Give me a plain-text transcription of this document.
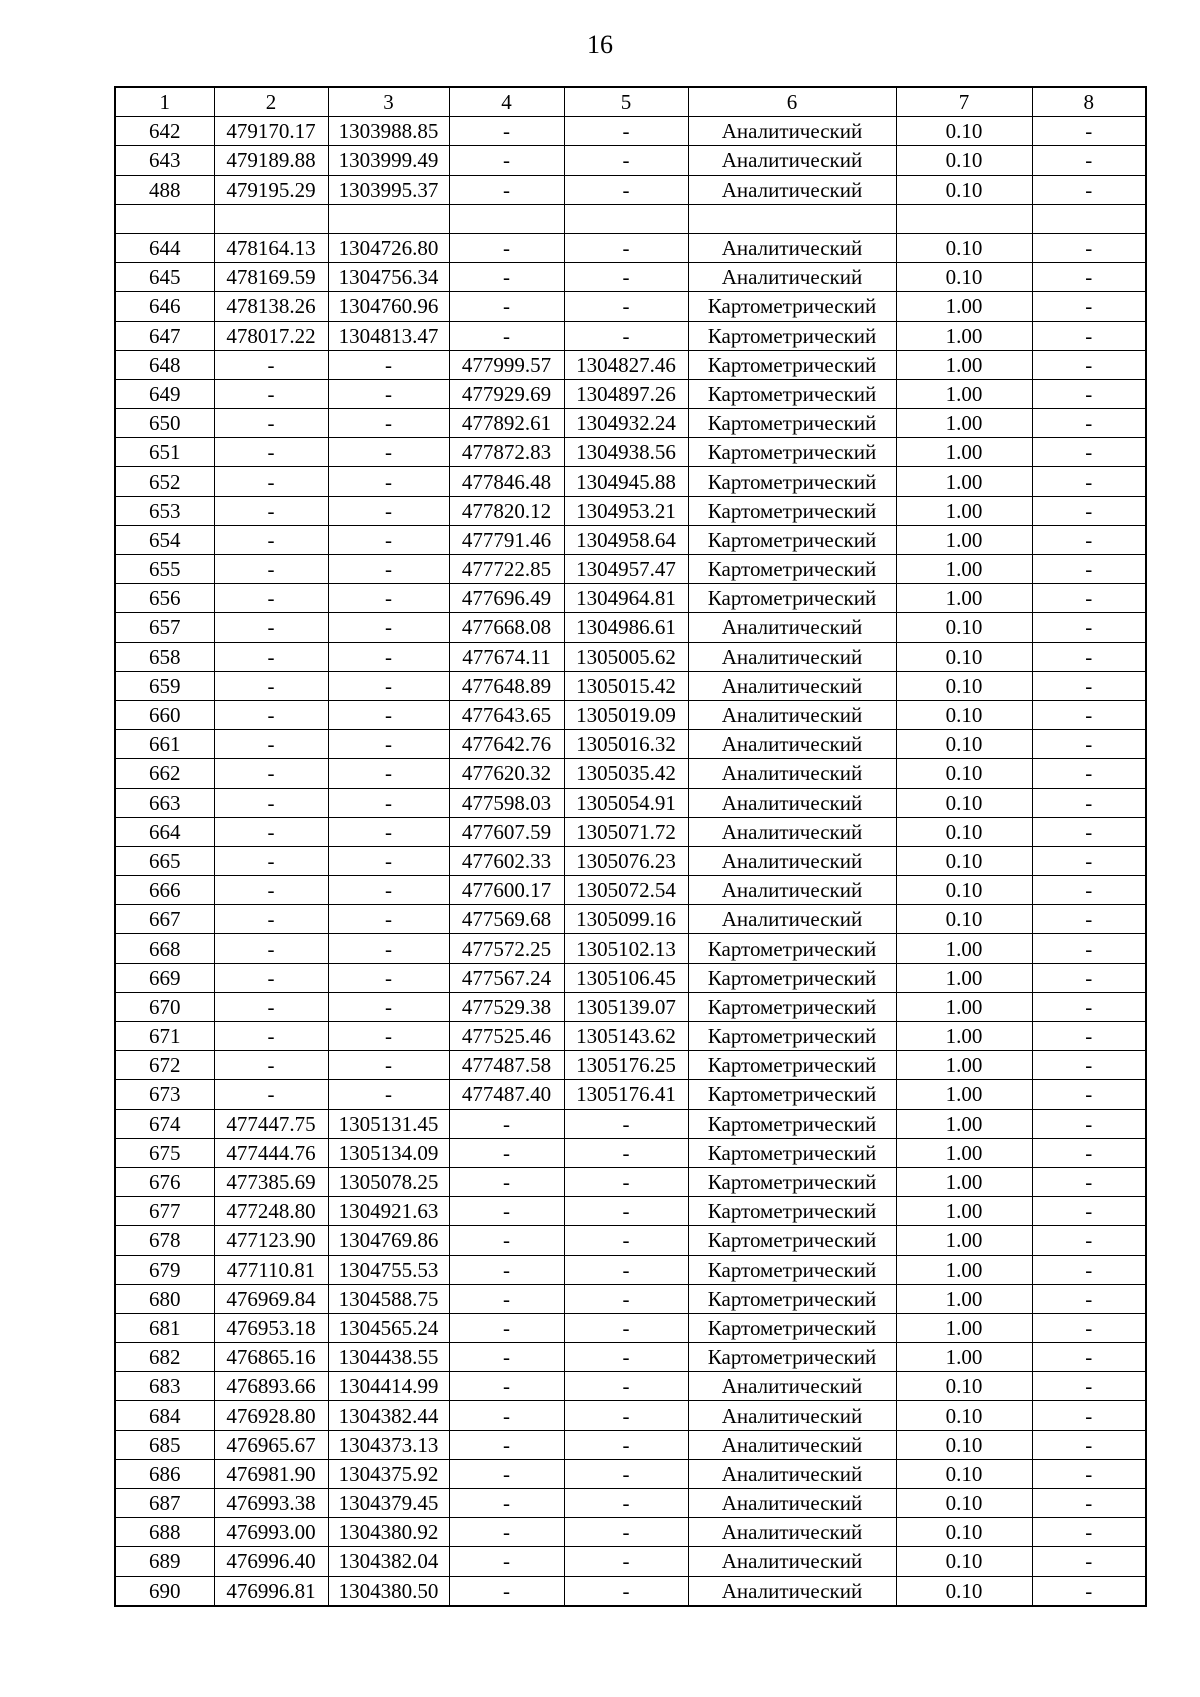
16
1	2	3	4	5	6	7	8
642	479170.17	1303988.85	-	-	Аналитический	0.10	-
643	479189.88	1303999.49	-	-	Аналитический	0.10	-
488	479195.29	1303995.37	-	-	Аналитический	0.10	-

644	478164.13	1304726.80	-	-	Аналитический	0.10	-
645	478169.59	1304756.34	-	-	Аналитический	0.10	-
646	478138.26	1304760.96	-	-	Картометрический	1.00	-
647	478017.22	1304813.47	-	-	Картометрический	1.00	-
648	-	-	477999.57	1304827.46	Картометрический	1.00	-
649	-	-	477929.69	1304897.26	Картометрический	1.00	-
650	-	-	477892.61	1304932.24	Картометрический	1.00	-
651	-	-	477872.83	1304938.56	Картометрический	1.00	-
652	-	-	477846.48	1304945.88	Картометрический	1.00	-
653	-	-	477820.12	1304953.21	Картометрический	1.00	-
654	-	-	477791.46	1304958.64	Картометрический	1.00	-
655	-	-	477722.85	1304957.47	Картометрический	1.00	-
656	-	-	477696.49	1304964.81	Картометрический	1.00	-
657	-	-	477668.08	1304986.61	Аналитический	0.10	-
658	-	-	477674.11	1305005.62	Аналитический	0.10	-
659	-	-	477648.89	1305015.42	Аналитический	0.10	-
660	-	-	477643.65	1305019.09	Аналитический	0.10	-
661	-	-	477642.76	1305016.32	Аналитический	0.10	-
662	-	-	477620.32	1305035.42	Аналитический	0.10	-
663	-	-	477598.03	1305054.91	Аналитический	0.10	-
664	-	-	477607.59	1305071.72	Аналитический	0.10	-
665	-	-	477602.33	1305076.23	Аналитический	0.10	-
666	-	-	477600.17	1305072.54	Аналитический	0.10	-
667	-	-	477569.68	1305099.16	Аналитический	0.10	-
668	-	-	477572.25	1305102.13	Картометрический	1.00	-
669	-	-	477567.24	1305106.45	Картометрический	1.00	-
670	-	-	477529.38	1305139.07	Картометрический	1.00	-
671	-	-	477525.46	1305143.62	Картометрический	1.00	-
672	-	-	477487.58	1305176.25	Картометрический	1.00	-
673	-	-	477487.40	1305176.41	Картометрический	1.00	-
674	477447.75	1305131.45	-	-	Картометрический	1.00	-
675	477444.76	1305134.09	-	-	Картометрический	1.00	-
676	477385.69	1305078.25	-	-	Картометрический	1.00	-
677	477248.80	1304921.63	-	-	Картометрический	1.00	-
678	477123.90	1304769.86	-	-	Картометрический	1.00	-
679	477110.81	1304755.53	-	-	Картометрический	1.00	-
680	476969.84	1304588.75	-	-	Картометрический	1.00	-
681	476953.18	1304565.24	-	-	Картометрический	1.00	-
682	476865.16	1304438.55	-	-	Картометрический	1.00	-
683	476893.66	1304414.99	-	-	Аналитический	0.10	-
684	476928.80	1304382.44	-	-	Аналитический	0.10	-
685	476965.67	1304373.13	-	-	Аналитический	0.10	-
686	476981.90	1304375.92	-	-	Аналитический	0.10	-
687	476993.38	1304379.45	-	-	Аналитический	0.10	-
688	476993.00	1304380.92	-	-	Аналитический	0.10	-
689	476996.40	1304382.04	-	-	Аналитический	0.10	-
690	476996.81	1304380.50	-	-	Аналитический	0.10	-
